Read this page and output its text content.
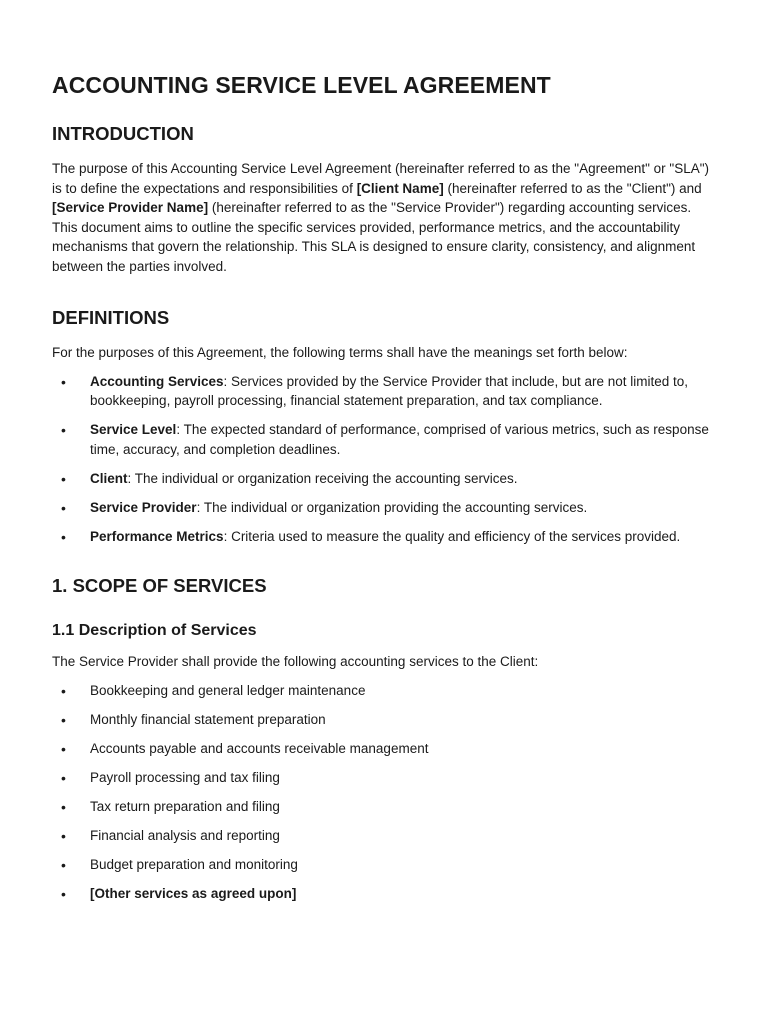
ACCOUNTING SERVICE LEVEL AGREEMENT
INTRODUCTION

The purpose of this Accounting Service Level Agreement (hereinafter referred to as the "Agreement" or "SLA") is to define the expectations and responsibilities of [Client Name] (hereinafter referred to as the "Client") and [Service Provider Name] (hereinafter referred to as the "Service Provider") regarding accounting services. This document aims to outline the specific services provided, performance metrics, and the accountability mechanisms that govern the relationship. This SLA is designed to ensure clarity, consistency, and alignment between the parties involved.

DEFINITIONS

For the purposes of this Agreement, the following terms shall have the meanings set forth below:

• Accounting Services: Services provided by the Service Provider that include, but are not limited to, bookkeeping, payroll processing, financial statement preparation, and tax compliance.
• Service Level: The expected standard of performance, comprised of various metrics, such as response time, accuracy, and completion deadlines.
• Client: The individual or organization receiving the accounting services.
• Service Provider: The individual or organization providing the accounting services.
• Performance Metrics: Criteria used to measure the quality and efficiency of the services provided.
1. SCOPE OF SERVICES
1.1 Description of Services

The Service Provider shall provide the following accounting services to the Client:

• Bookkeeping and general ledger maintenance
• Monthly financial statement preparation
• Accounts payable and accounts receivable management
• Payroll processing and tax filing
• Tax return preparation and filing
• Financial analysis and reporting
• Budget preparation and monitoring
• [Other services as agreed upon]
